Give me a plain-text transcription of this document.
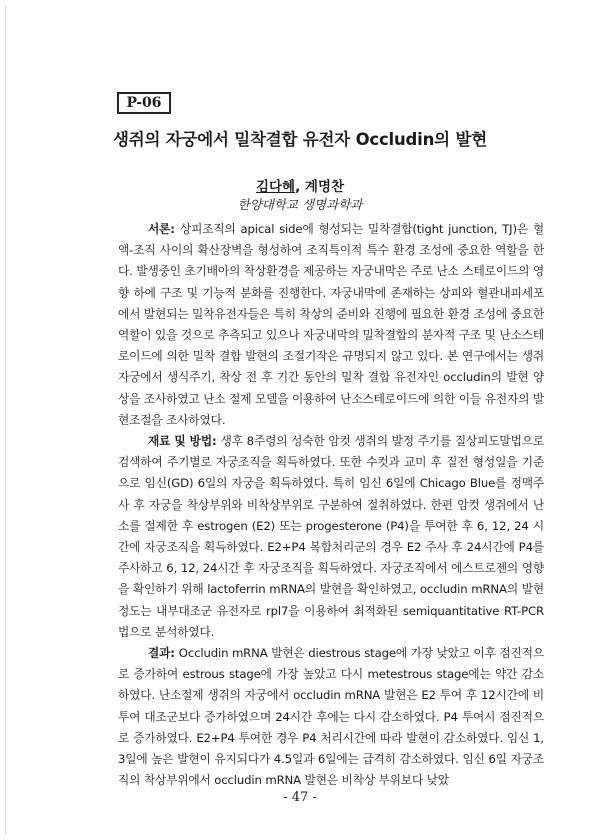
P-06
생쥐의 자궁에서 밀착결합 유전자 Occludin의 발현
김다혜, 계명찬
한양대학교 생명과학과

서론: 상피조직의 apical side에 형성되는 밀착결합(tight junction, TJ)은 혈액-조직 사이의 확산장벽을 형성하여 조직특이적 특수 환경 조성에 중요한 역할을 한다. 발생중인 초기배아의 착상환경을 제공하는 자궁내막은 주로 난소 스테로이드의 영향 하에 구조 및 기능적 분화를 진행한다. 자궁내막에 존재하는 상피와 혈관내피세포에서 발현되는 밀착유전자들은 특히 착상의 준비와 진행에 필요한 환경 조성에 중요한 역할이 있을 것으로 추측되고 있으나 자궁내막의 밀착결합의 분자적 구조 및 난소스테로이드에 의한 밀착 결합 발현의 조절기작은 규명되지 않고 있다. 본 연구에서는 생쥐 자궁에서 생식주기, 착상 전 후 기간 동안의 밀착 결합 유전자인 occludin의 발현 양상을 조사하였고 난소 절제 모델을 이용하여 난소스테로이드에 의한 이들 유전자의 발현조절을 조사하였다.

재료 및 방법: 생후 8주령의 성숙한 암컷 생쥐의 발정 주기를 질상피도말법으로 검색하여 주기별로 자궁조직을 획득하였다. 또한 수컷과 교미 후 질전 형성일을 기준으로 임신(GD) 6일의 자궁을 획득하였다. 특히 임신 6일에 Chicago Blue를 정맥주사 후 자궁을 착상부위와 비착상부위로 구분하여 절취하였다. 한편 암컷 생쥐에서 난소를 절제한 후 estrogen (E2) 또는 progesterone (P4)을 투여한 후 6, 12, 24 시간에 자궁조직을 획득하였다. E2+P4 복합처리군의 경우 E2 주사 후 24시간에 P4를 주사하고 6, 12, 24시간 후 자궁조직을 획득하였다. 자궁조직에서 에스트로젠의 영향을 확인하기 위해 lactoferrin mRNA의 발현을 확인하였고, occludin mRNA의 발현정도는 내부대조군 유전자로 rpl7을 이용하여 최적화된 semiquantitative RT-PCR법으로 분석하였다.

결과: Occludin mRNA 발현은 diestrous stage에 가장 낮았고 이후 점진적으로 증가하여 estrous stage에 가장 높았고 다시 metestrous stage에는 약간 감소하였다. 난소절제 생쥐의 자궁에서 occludin mRNA 발현은 E2 투여 후 12시간에 비투여 대조군보다 증가하였으며 24시간 후에는 다시 감소하였다. P4 투여시 점진적으로 증가하였다. E2+P4 투여한 경우 P4 처리시간에 따라 발현이 감소하였다. 임신 1, 3일에 높은 발현이 유지되다가 4.5일과 6일에는 급격히 감소하였다. 임신 6일 자궁조직의 착상부위에서 occludin mRNA 발현은 비착상 부위보다 낮았

- 47 -
